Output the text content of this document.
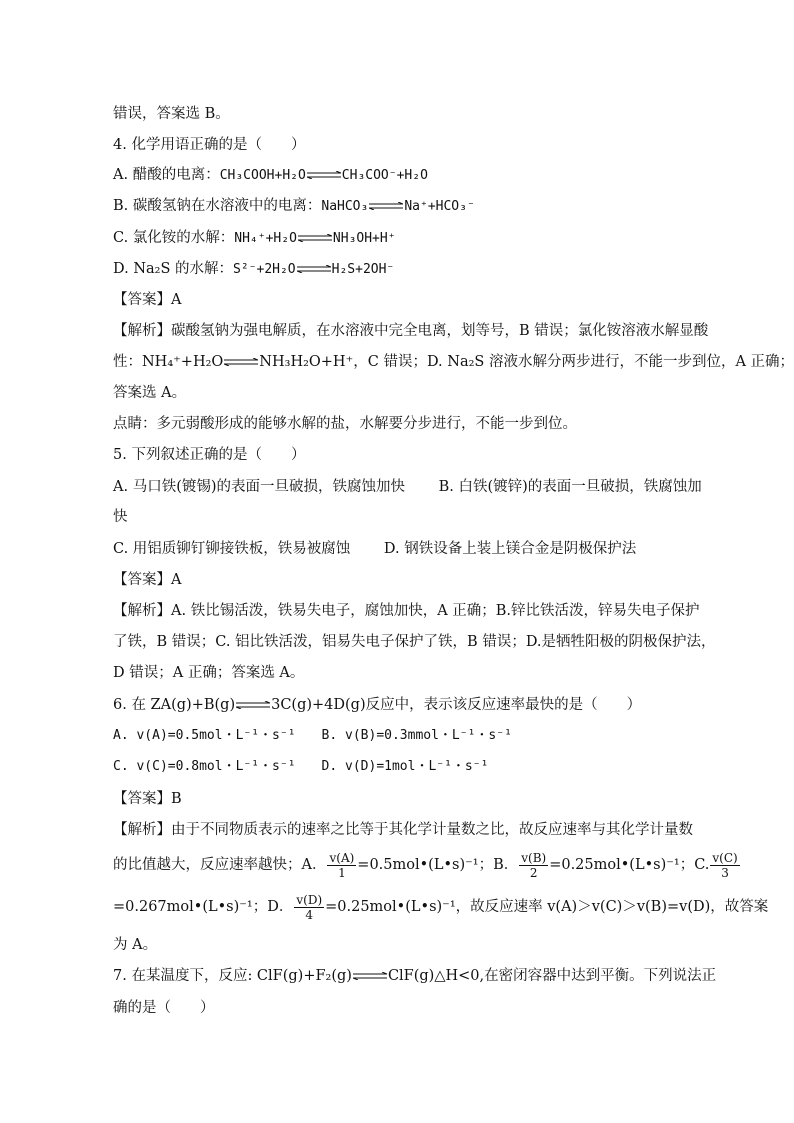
错误，答案选 B。
4. 化学用语正确的是（　　）
A. 醋酸的电离：CH₃COOH+H₂O⇌CH₃COO⁻+H₂O
B. 碳酸氢钠在水溶液中的电离：NaHCO₃⇌Na⁺+HCO₃⁻
C. 氯化铵的水解：NH₄⁺+H₂O⇌NH₃OH+H⁺
D. Na₂S 的水解：S²⁻+2H₂O⇌H₂S+2OH⁻
【答案】A
【解析】碳酸氢钠为强电解质，在水溶液中完全电离，划等号，B 错误；氯化铵溶液水解显酸
性：NH₄⁺+H₂O⇌NH₃H₂O+H⁺，C 错误；D. Na₂S 溶液水解分两步进行，不能一步到位，A 正确；
答案选 A。
点睛：多元弱酸形成的能够水解的盐，水解要分步进行，不能一步到位。
5. 下列叙述正确的是（　　）
A. 马口铁(镀锡)的表面一旦破损，铁腐蚀加快　　 B. 白铁(镀锌)的表面一旦破损，铁腐蚀加
快
C. 用铝质铆钉铆接铁板，铁易被腐蚀　　 D. 钢铁设备上装上镁合金是阴极保护法
【答案】A
【解析】A. 铁比锡活泼，铁易失电子，腐蚀加快，A 正确；B.锌比铁活泼，锌易失电子保护
了铁，B 错误；C. 铝比铁活泼，铝易失电子保护了铁，B 错误；D.是牺牲阳极的阴极保护法，
D 错误；A 正确；答案选 A。
6. 在 ZA(g)+B(g)⇌3C(g)+4D(g)反应中，表示该反应速率最快的是（　　）
A. v(A)=0.5mol・L⁻¹・s⁻¹　　B. v(B)=0.3mmol・L⁻¹・s⁻¹
C. v(C)=0.8mol・L⁻¹・s⁻¹　　D. v(D)=1mol・L⁻¹・s⁻¹
【答案】B
【解析】由于不同物质表示的速率之比等于其化学计量数之比，故反应速率与其化学计量数
的比值越大，反应速率越快；A． $\frac{v(A)}{1}$ =0.5mol•(L•s)⁻¹；B． $\frac{v(B)}{2}$ =0.25mol•(L•s)⁻¹；C. $\frac{v(C)}{3}$
=0.267mol•(L•s)⁻¹；D． $\frac{v(D)}{4}$ =0.25mol•(L•s)⁻¹，故反应速率 v(A)＞v(C)＞v(B)=v(D)，故答案
为 A。
7. 在某温度下，反应: ClF(g)+F₂(g)⇌ClF(g)△H<0,在密闭容器中达到平衡。下列说法正
确的是（　　）
